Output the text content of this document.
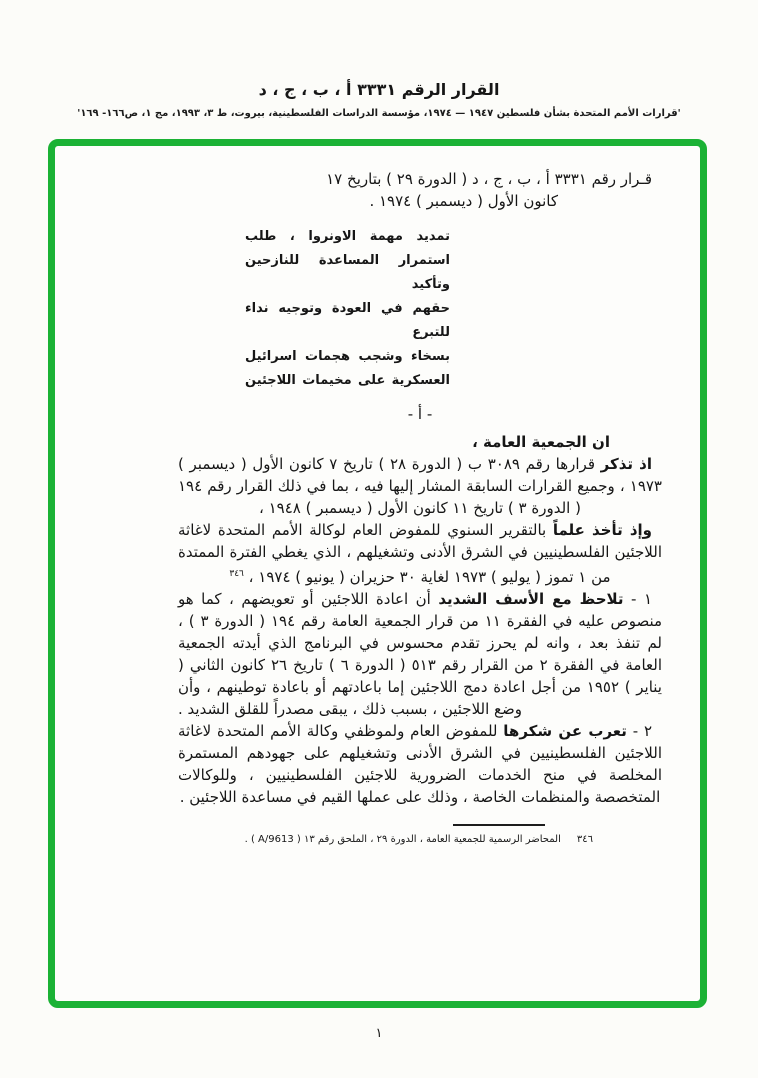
القرار الرقم ٣٣٣١ أ ، ب ، ج ، د
'قرارات الأمم المتحدة بشأن فلسطين ١٩٤٧ — ١٩٧٤، مؤسسة الدراسات الفلسطينية، بيروت، ط ٣، ١٩٩٣، مج ١، ص١٦٦- ١٦٩'
قـرار رقم ٣٣٣١ أ ، ب ، ج ، د ( الدورة ٢٩ ) بتاريخ ١٧
كانون الأول ( ديسمبر ) ١٩٧٤ .
تمديد مهمة الاونروا ، طلب
استمرار المساعدة للنازحين وتأكيد
حقهم في العودة وتوجيه نداء للتبرع
بسخاء وشجب هجمات اسرائيل
العسكرية على مخيمات اللاجئين
- أ -
ان الجمعية العامة ،

اذ تذكر قرارها رقم ٣٠٨٩ ب ( الدورة ٢٨ ) تاريخ ٧ كانون الأول ( ديسمبر ) ١٩٧٣ ، وجميع القرارات السابقة المشار إليها فيه ، بما في ذلك القرار رقم ١٩٤ ( الدورة ٣ ) تاريخ ١١ كانون الأول ( ديسمبر ) ١٩٤٨ ،

وإذ تأخذ علماً بالتقرير السنوي للمفوض العام لوكالة الأمم المتحدة لاغاثة اللاجئين الفلسطينيين في الشرق الأدنى وتشغيلهم ، الذي يغطي الفترة الممتدة من ١ تموز ( يوليو ) ١٩٧٣ لغاية ٣٠ حزيران ( يونيو ) ١٩٧٤ ، $^{٣٤٦}$

١ - تلاحظ مع الأسف الشديد أن اعادة اللاجئين أو تعويضهم ، كما هو منصوص عليه في الفقرة ١١ من قرار الجمعية العامة رقم ١٩٤ ( الدورة ٣ ) ، لم تنفذ بعد ، وانه لم يحرز تقدم محسوس في البرنامج الذي أيدته الجمعية العامة في الفقرة ٢ من القرار رقم ٥١٣ ( الدورة ٦ ) تاريخ ٢٦ كانون الثاني ( يناير ) ١٩٥٢ من أجل اعادة دمج اللاجئين إما باعادتهم أو باعادة توطينهم ، وأن وضع اللاجئين ، بسبب ذلك ، يبقى مصدراً للقلق الشديد .

٢ - تعرب عن شكرها للمفوض العام ولموظفي وكالة الأمم المتحدة لاغاثة اللاجئين الفلسطينيين في الشرق الأدنى وتشغيلهم على جهودهم المستمرة المخلصة في منح الخدمات الضرورية للاجئين الفلسطينيين ، وللوكالات المتخصصة والمنظمات الخاصة ، وذلك على عملها القيم في مساعدة اللاجئين .

٣٤٦المحاضر الرسمية للجمعية العامة ، الدورة ٢٩ ، الملحق رقم ١٣ ( A/9613 ) .
١
